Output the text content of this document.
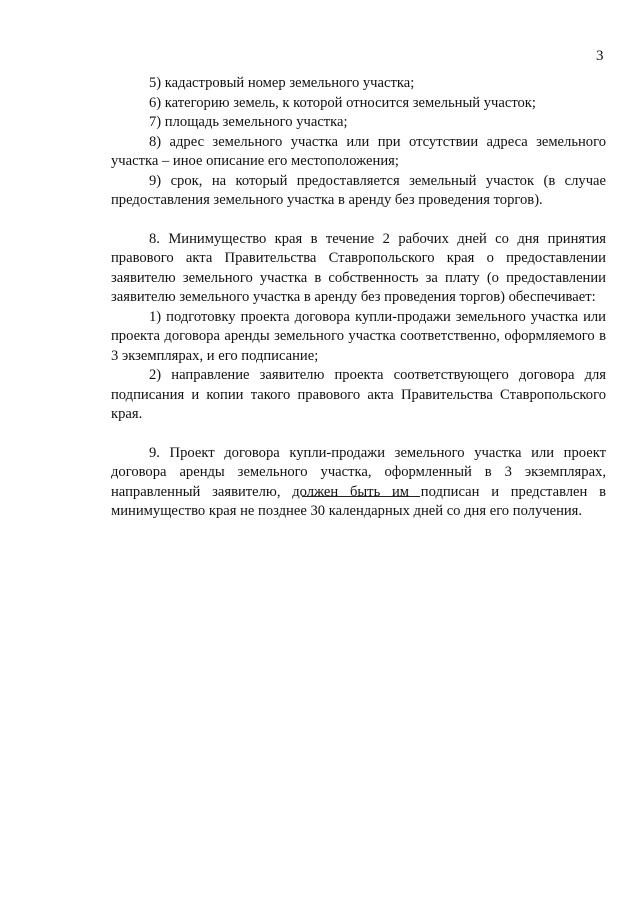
3

5) кадастровый номер земельного участка;

6) категорию земель, к которой относится земельный участок;

7) площадь земельного участка;

8) адрес земельного участка или при отсутствии адреса земельного участка – иное описание его местоположения;

9) срок, на который предоставляется земельный участок (в случае предоставления земельного участка в аренду без проведения торгов).

8. Минимущество края в течение 2 рабочих дней со дня принятия правового акта Правительства Ставропольского края о предоставлении заявителю земельного участка в собственность за плату (о предоставлении заявителю земельного участка в аренду без проведения торгов) обеспечивает:

1) подготовку проекта договора купли-продажи земельного участка или проекта договора аренды земельного участка соответственно, оформляемого в 3 экземплярах, и его подписание;

2) направление заявителю проекта соответствующего договора для подписания и копии такого правового акта Правительства Ставропольского края.

9. Проект договора купли-продажи земельного участка или проект договора аренды земельного участка, оформленный в 3 экземплярах, направленный заявителю, должен быть им подписан и представлен в минимущество края не позднее 30 календарных дней со дня его получения.
